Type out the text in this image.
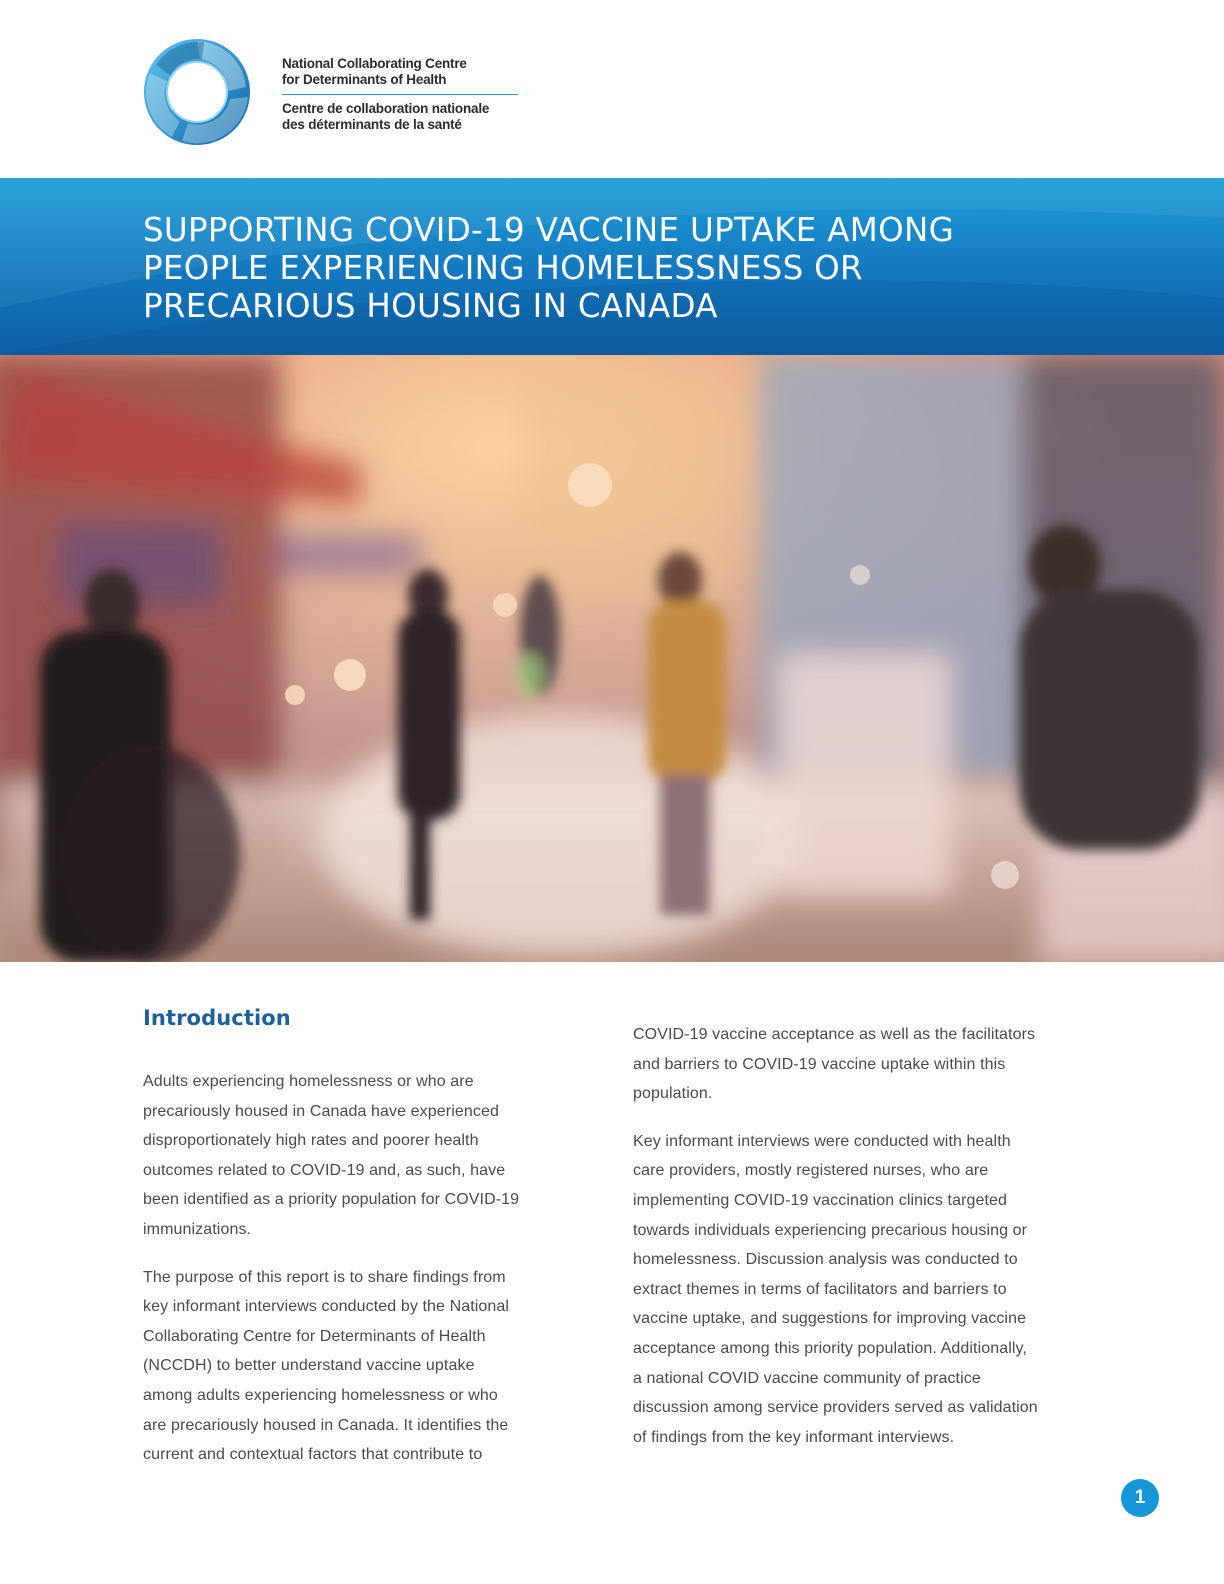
National Collaborating Centre
for Determinants of Health
Centre de collaboration nationale
des déterminants de la santé
SUPPORTING COVID-19 VACCINE UPTAKE AMONG
PEOPLE EXPERIENCING HOMELESSNESS OR
PRECARIOUS HOUSING IN CANADA
Introduction

Adults experiencing homelessness or who are
precariously housed in Canada have experienced
disproportionately high rates and poorer health
outcomes related to COVID-19 and, as such, have
been identified as a priority population for COVID-19
immunizations.

The purpose of this report is to share findings from
key informant interviews conducted by the National
Collaborating Centre for Determinants of Health
(NCCDH) to better understand vaccine uptake
among adults experiencing homelessness or who
are precariously housed in Canada. It identifies the
current and contextual factors that contribute to

COVID-19 vaccine acceptance as well as the facilitators
and barriers to COVID-19 vaccine uptake within this
population.

Key informant interviews were conducted with health
care providers, mostly registered nurses, who are
implementing COVID-19 vaccination clinics targeted
towards individuals experiencing precarious housing or
homelessness. Discussion analysis was conducted to
extract themes in terms of facilitators and barriers to
vaccine uptake, and suggestions for improving vaccine
acceptance among this priority population. Additionally,
a national COVID vaccine community of practice
discussion among service providers served as validation
of findings from the key informant interviews.

1
